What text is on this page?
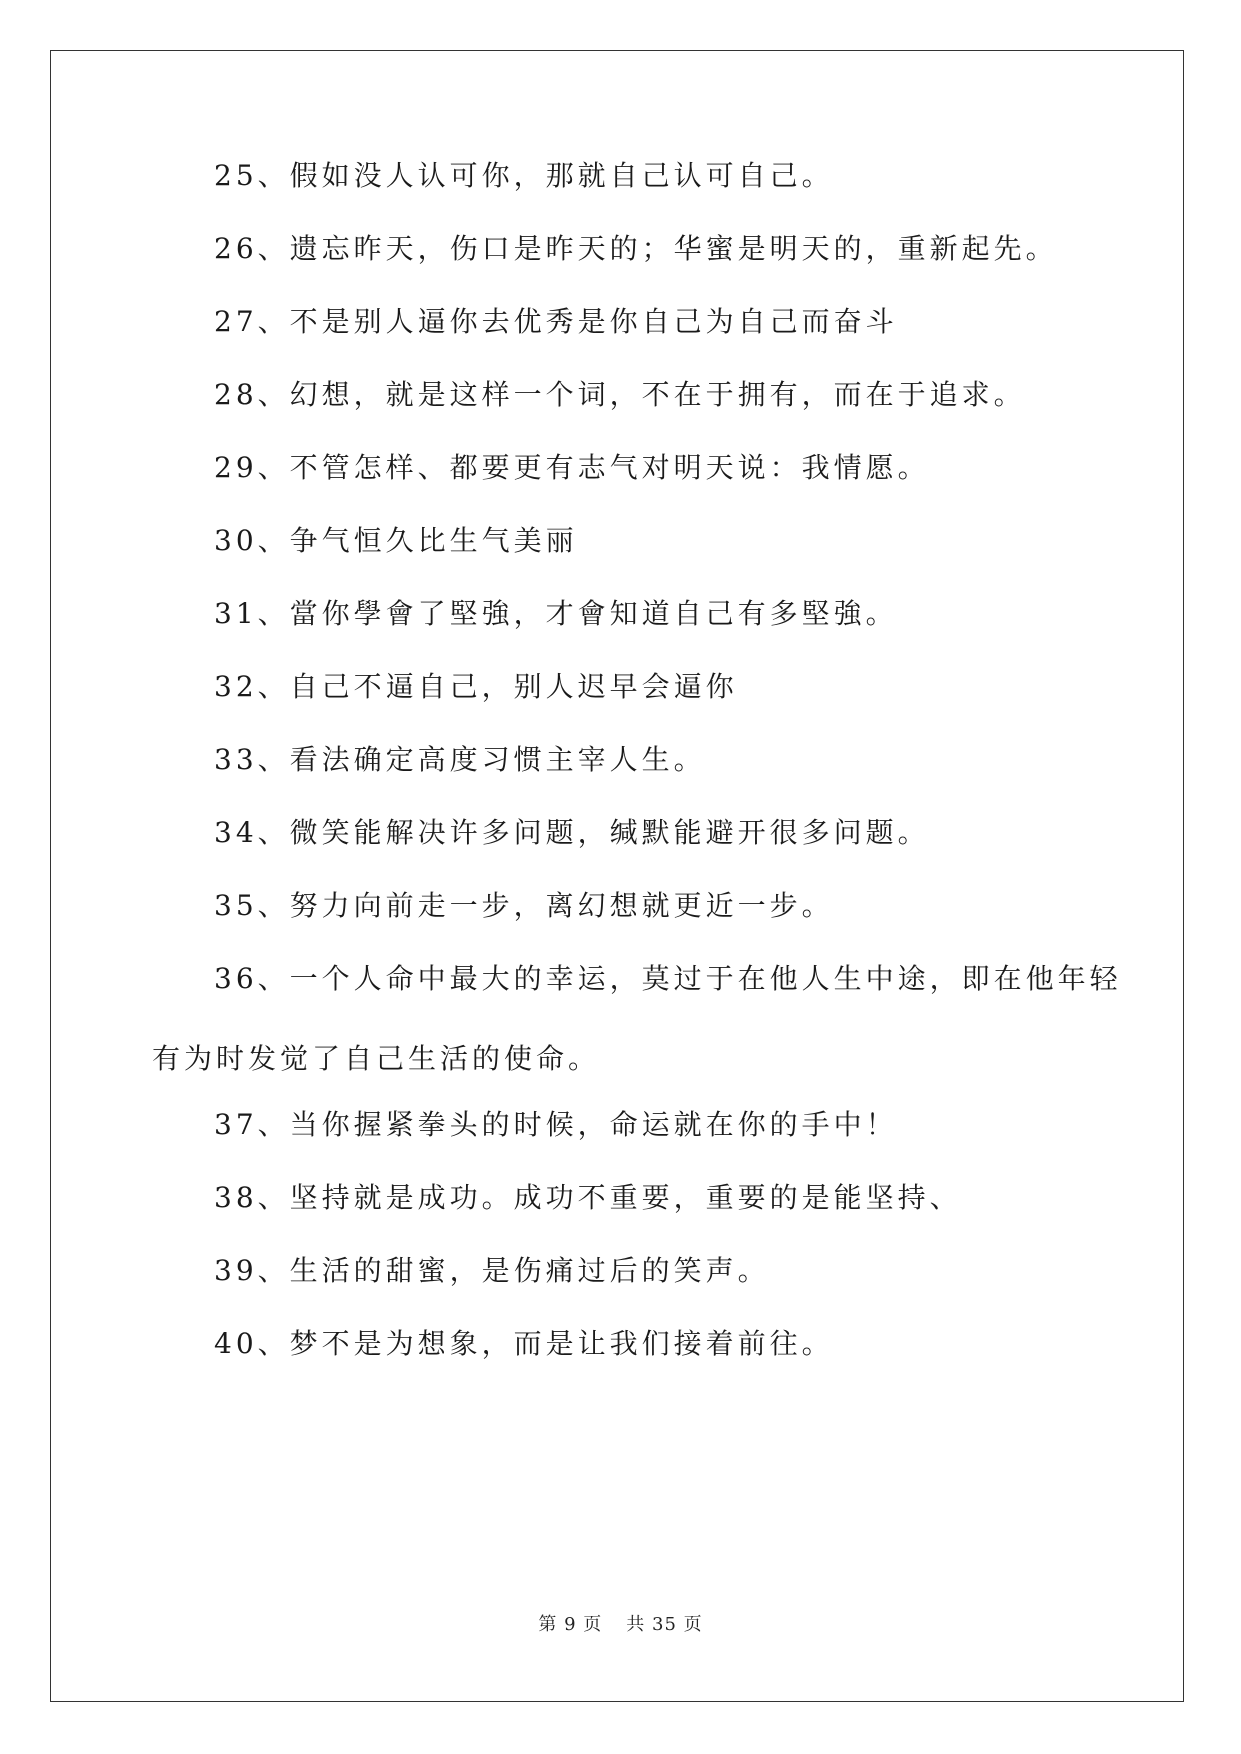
25、假如没人认可你，那就自己认可自己。
26、遗忘昨天，伤口是昨天的；华蜜是明天的，重新起先。
27、不是别人逼你去优秀是你自己为自己而奋斗
28、幻想，就是这样一个词，不在于拥有，而在于追求。
29、不管怎样、都要更有志气对明天说：我情愿。
30、争气恒久比生气美丽
31、當你學會了堅強，才會知道自己有多堅強。
32、自己不逼自己，别人迟早会逼你
33、看法确定高度习惯主宰人生。
34、微笑能解决许多问题，缄默能避开很多问题。
35、努力向前走一步，离幻想就更近一步。
36、一个人命中最大的幸运，莫过于在他人生中途，即在他年轻
有为时发觉了自己生活的使命。
37、当你握紧拳头的时候，命运就在你的手中！
38、坚持就是成功。成功不重要，重要的是能坚持、
39、生活的甜蜜，是伤痛过后的笑声。
40、梦不是为想象，而是让我们接着前往。
第 9 页 共 35 页
